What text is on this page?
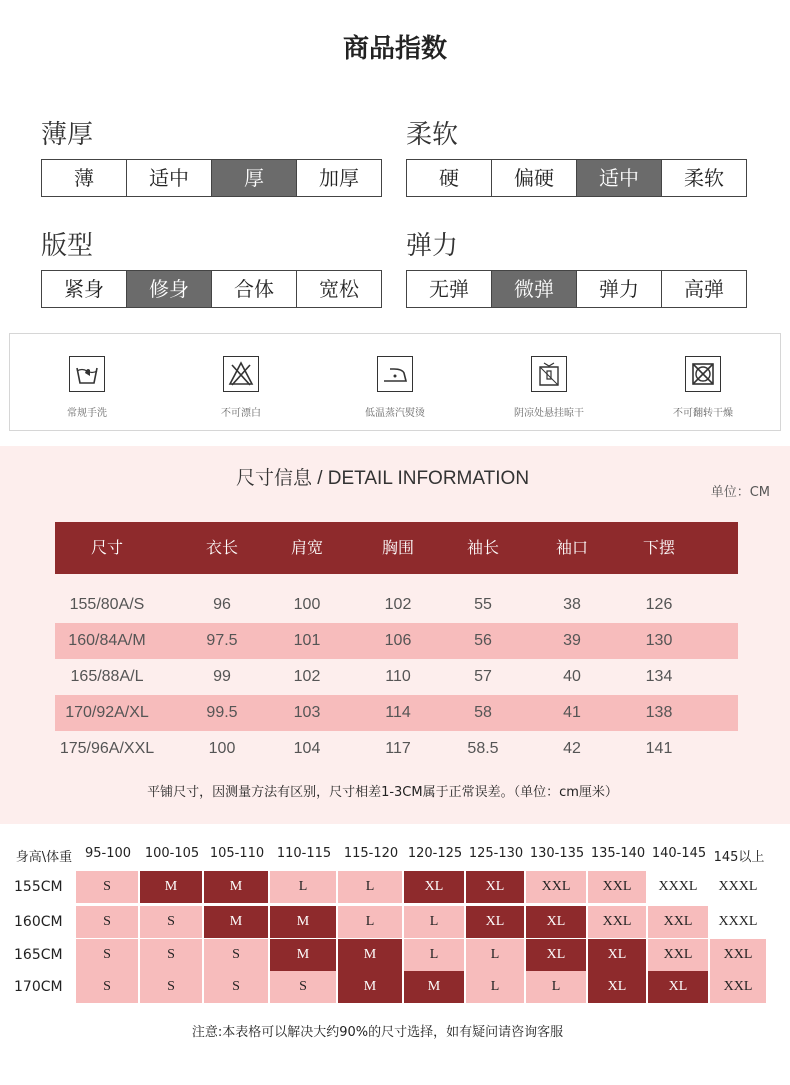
商品指数
薄厚
薄	适中	厚	加厚
柔软
硬	偏硬	适中	柔软
版型
紧身	修身	合体	宽松
弹力
无弹	微弹	弹力	高弹
常规手洗	不可漂白	低温蒸汽熨烫	阴凉处悬挂晾干	不可翻转干燥
尺寸信息 / DETAIL INFORMATION
单位：CM
尺寸	衣长	肩宽	胸围	袖长	袖口	下摆
155/80A/S	96	100	102	55	38	126
160/84A/M	97.5	101	106	56	39	130
165/88A/L	99	102	110	57	40	134
170/92A/XL	99.5	103	114	58	41	138
175/96A/XXL	100	104	117	58.5	42	141
平铺尺寸，因测量方法有区别，尺寸相差1-3CM属于正常误差。（单位：cm厘米）
身高\体重 95-100 100-105 105-110 110-115 115-120 120-125 125-130 130-135 135-140 140-145 145以上
155CM	S	M	M	L	L	XL	XL	XXL	XXL	XXXL	XXXL
160CM	S	S	M	M	L	L	XL	XL	XXL	XXL	XXXL
165CM	S	S	S	M	M	L	L	XL	XL	XXL	XXL
170CM	S	S	S	S	M	M	L	L	XL	XL	XXL
注意:本表格可以解决大约90%的尺寸选择，如有疑问请咨询客服
